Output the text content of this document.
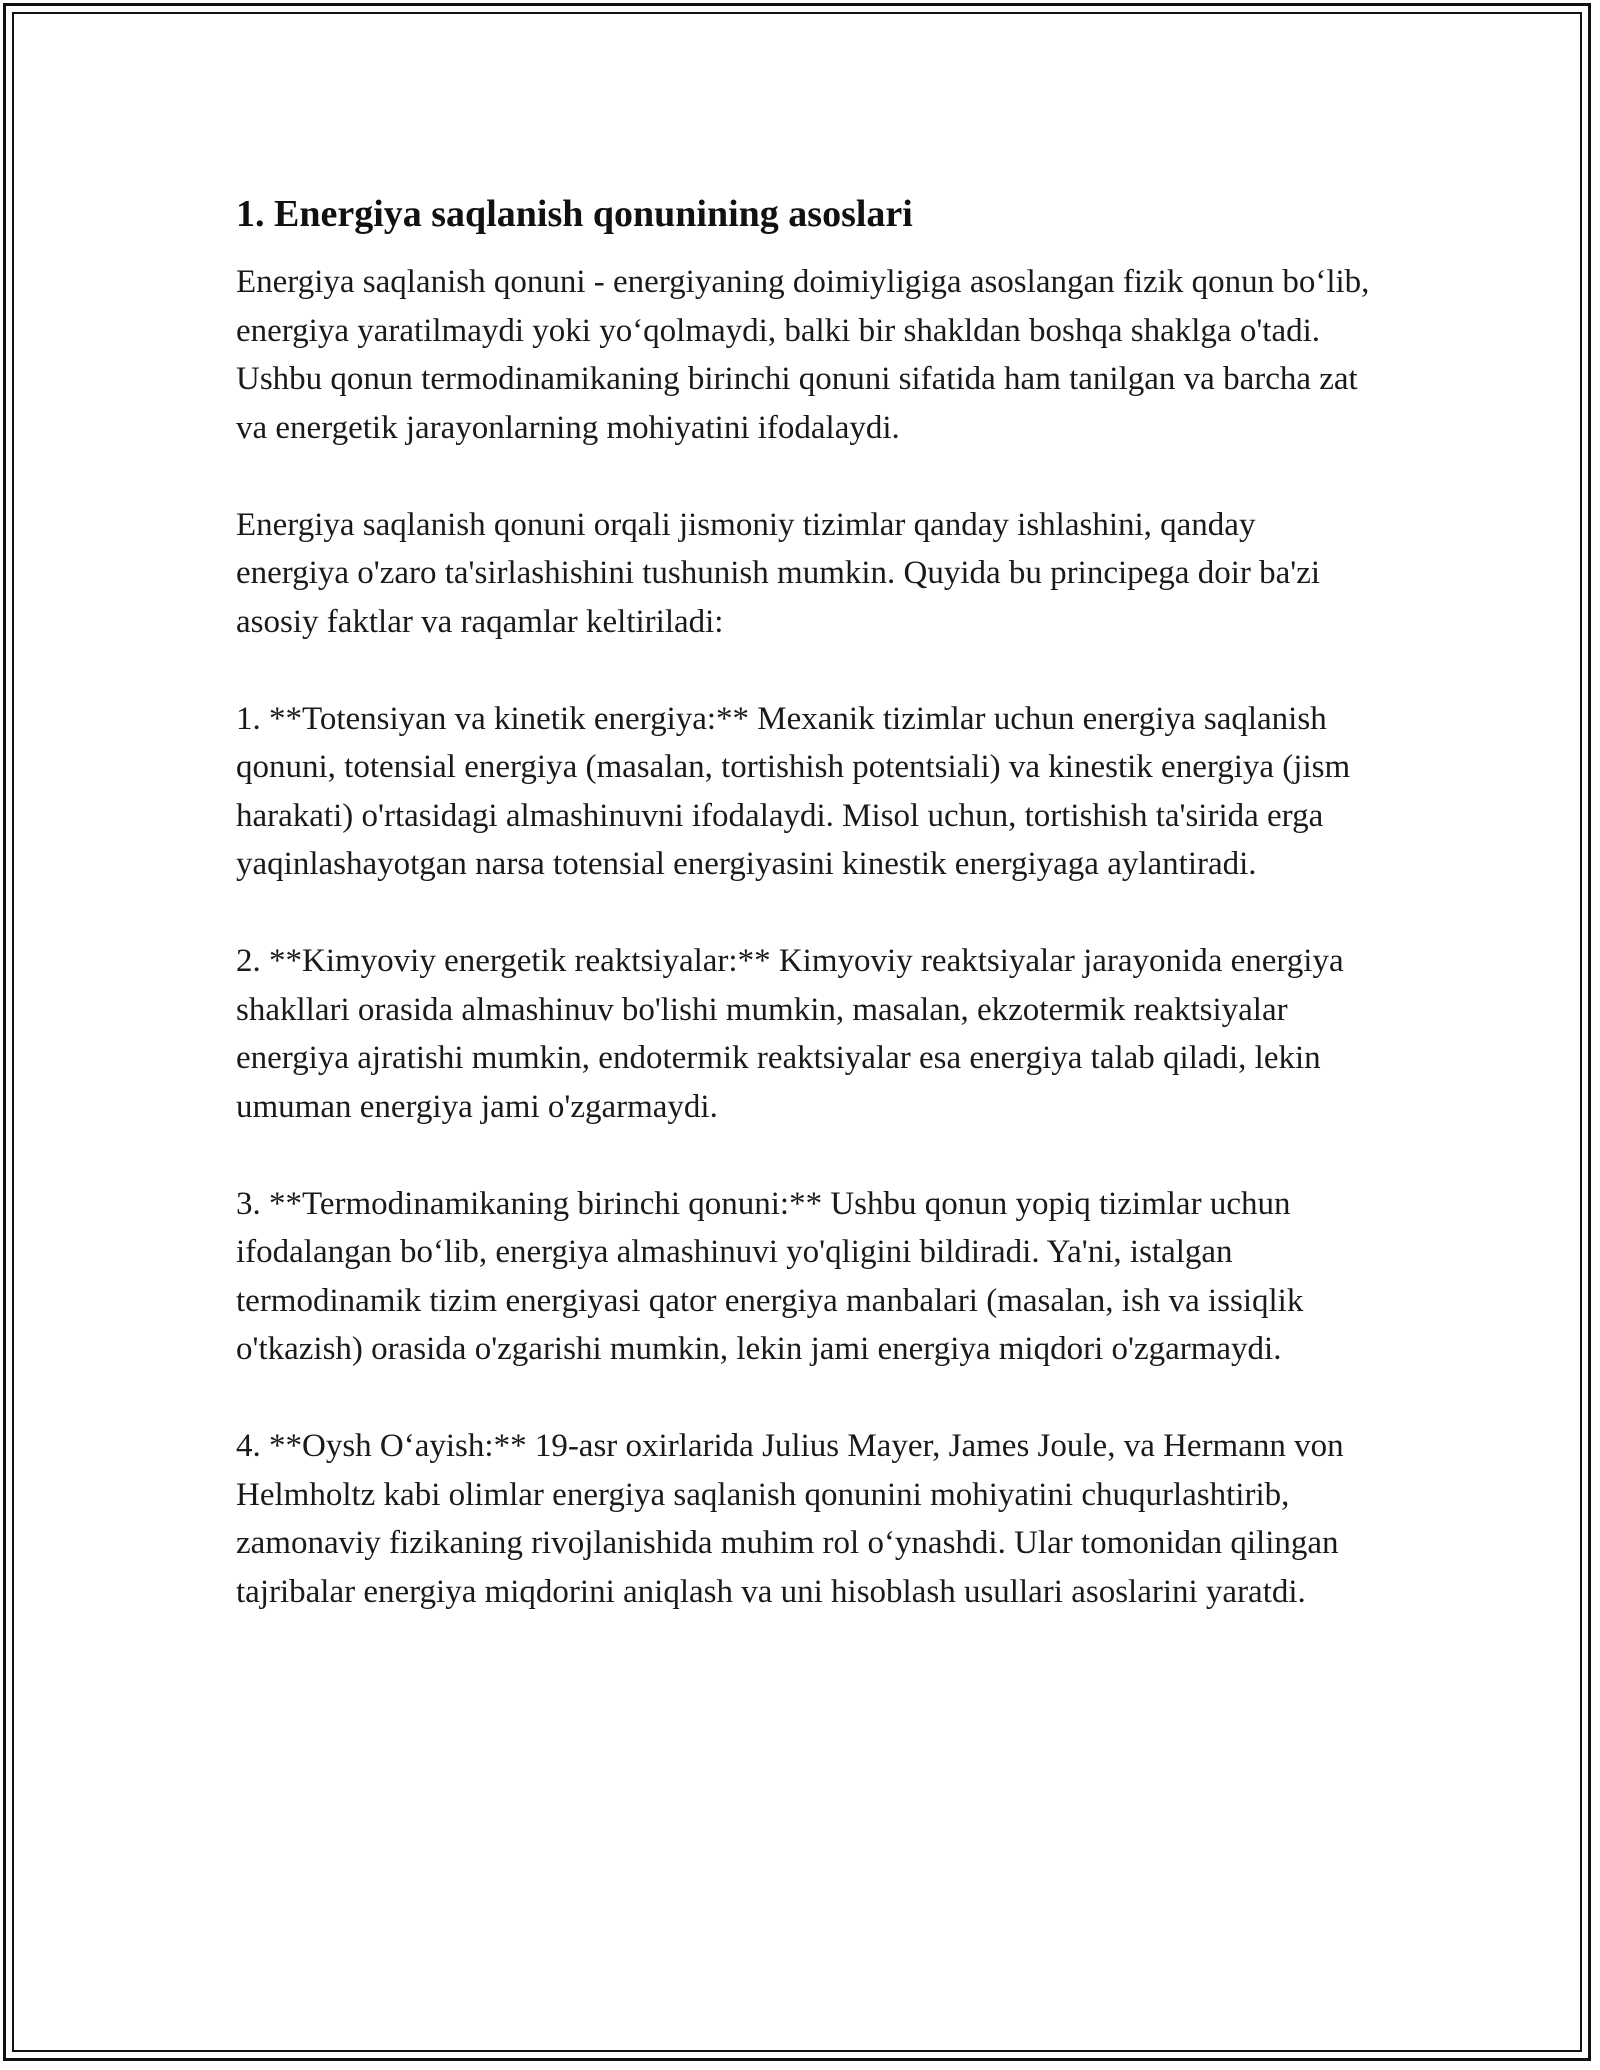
1. Energiya saqlanish qonunining asoslari

Energiya saqlanish qonuni - energiyaning doimiyligiga asoslangan fizik qonun bo‘lib, energiya yaratilmaydi yoki yo‘qolmaydi, balki bir shakldan boshqa shaklga o'tadi. Ushbu qonun termodinamikaning birinchi qonuni sifatida ham tanilgan va barcha zat va energetik jarayonlarning mohiyatini ifodalaydi.

Energiya saqlanish qonuni orqali jismoniy tizimlar qanday ishlashini, qanday energiya o'zaro ta'sirlashishini tushunish mumkin. Quyida bu principega doir ba'zi asosiy faktlar va raqamlar keltiriladi:

1. **Totensiyan va kinetik energiya:** Mexanik tizimlar uchun energiya saqlanish qonuni, totensial energiya (masalan, tortishish potentsiali) va kinestik energiya (jism harakati) o'rtasidagi almashinuvni ifodalaydi. Misol uchun, tortishish ta'sirida erga yaqinlashayotgan narsa totensial energiyasini kinestik energiyaga aylantiradi.

2. **Kimyoviy energetik reaktsiyalar:** Kimyoviy reaktsiyalar jarayonida energiya shakllari orasida almashinuv bo'lishi mumkin, masalan, ekzotermik reaktsiyalar energiya ajratishi mumkin, endotermik reaktsiyalar esa energiya talab qiladi, lekin umuman energiya jami o'zgarmaydi.

3. **Termodinamikaning birinchi qonuni:** Ushbu qonun yopiq tizimlar uchun ifodalangan bo‘lib, energiya almashinuvi yo'qligini bildiradi. Ya'ni, istalgan termodinamik tizim energiyasi qator energiya manbalari (masalan, ish va issiqlik o'tkazish) orasida o'zgarishi mumkin, lekin jami energiya miqdori o'zgarmaydi.

4. **Oysh O‘ayish:** 19-asr oxirlarida Julius Mayer, James Joule, va Hermann von Helmholtz kabi olimlar energiya saqlanish qonunini mohiyatini chuqurlashtirib, zamonaviy fizikaning rivojlanishida muhim rol o‘ynashdi. Ular tomonidan qilingan tajribalar energiya miqdorini aniqlash va uni hisoblash usullari asoslarini yaratdi.
